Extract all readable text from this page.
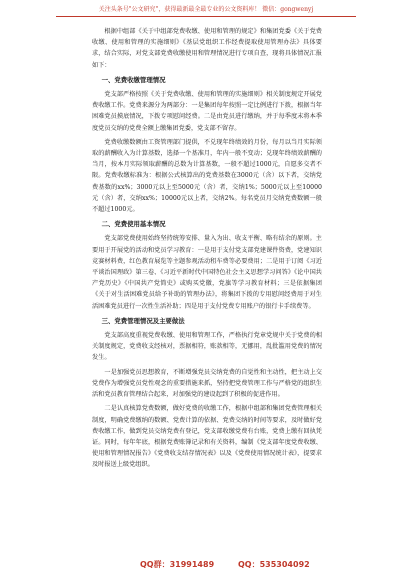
关注头条号"公文研究"，获得最新最全最专业的公文资料库！ 微信：gongwenyj

根据中组部《关于中组部党费收缴、使用和管理的规定》和集团党委《关于党费收缴、使用和管理的实施细则》《基层党组织工作经费提取使用管理办法》具体要求，结合实际，对党支部党费收缴使用和管理情况进行专项自查，现将具体情况汇报如下：

一、党费收缴管理情况

党支部严格按照《关于党费收缴、使用和管理的实施细则》相关制度规定开展党费收缴工作。党费来源分为两部分：一是集团每年按照一定比例进行下拨，根据当年困难党员摸底情况，下拨专项慰问经费。二是由党员进行缴纳，并于每季度末将本季度党员交纳的党费全额上缴集团党委，党支部不留存。

党费收缴数额由工资管理部门提供，不兑现年终绩效的月份，每月以当月实际领取的薪酬收入为计算基数，选择一个基准月，年内一般不变动；兑现年终绩效薪酬的当月，按本月实际领取薪酬的总数为计算基数，一般不超过1000元，自愿多交者不限。党费收缴标准为：根据公式核算出的党费基数在3000元（含）以下者，交纳党费基数的xx%；3000元以上至5000元（含）者，交纳1%；5000元以上至10000元（含）者，交纳xx%；10000元以上者，交纳2%。每名党员月交纳党费数额一般不超过1000元。

二、党费使用基本情况

党支部党费使用始终坚持统筹安排、量入为出、收支平衡、略有结余的原则。主要用于开展党的活动和党员学习教育：一是用于支付党支部党建课件资费，党建知识竞赛材料费，红色教育展览等主题参观活动租车费等必要费用；二是用于订阅《习近平谈治国理政》第三卷、《习近平新时代中国特色社会主义思想学习问答》《论中国共产党历史》《中国共产党简史》或购买党徽，党旗等学习教育材料；三是依据集团《关于对生活困难党员给予补助的管理办法》，将集团下拨的专用慰问经费用于对生活困难党员进行一次性生活补助；四是用于支付党费专用账户的银行卡手续费等。

三、党费管理情况及主要做法

党支部高度重视党费收缴、使用和管理工作，严格执行党章党规中关于党费的相关制度规定，党费收支经核对，票据相符，账款相等，无挪用，乱批滥用党费的情况发生。

一是加强党员思想教育，不断增强党员交纳党费的自觉性和主动性，把主动上交党费作为增强党员党性观念的重要措施来抓，坚持把党费管理工作与严格党的组织生活和党员教育管理结合起来，对加强党的建设起到了积极的促进作用。

二是认真核算党费数额，做好党费的收缴工作，根据中组部和集团党费管理相关制度，明确党费缴纳的数额、党费计算的依据、党费交纳的时间等要求，及时做好党费收缴工作，做到党员交纳党费有登记，党支部收缴党费有台账，党费上缴有回执凭证。同时，每年年底，根据党费账簿记录和有关资料，编制《党支部年度党费收缴、使用和管理情况报告》《党费收支结存情况表》以及《党费使用情况统计表》，提要求及时报送上级党组织。

QQ群：31991489	QQ：535304092
